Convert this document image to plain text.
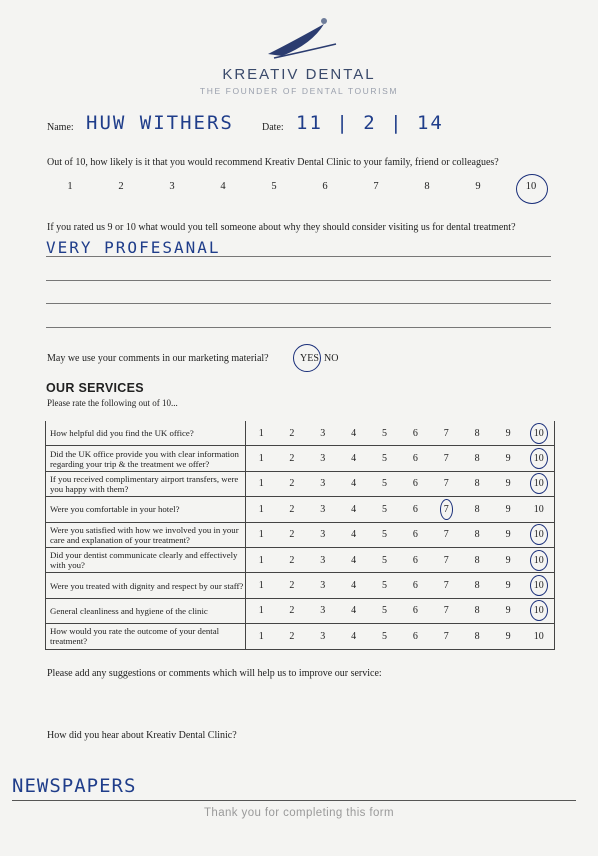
KREATIV DENTAL
THE FOUNDER OF DENTAL TOURISM
Name: HUW WITHERS	Date: 11 | 2 | 14
Out of 10, how likely is it that you would recommend Kreativ Dental Clinic to your family, friend or colleagues?
1	2	3	4	5	6	7	8	9	10
If you rated us 9 or 10 what would you tell someone about why they should consider visiting us for dental treatment?
VERY PROFESANAL
May we use your comments in our marketing material?	YES NO
OUR SERVICES
Please rate the following out of 10...
How helpful did you find the UK office?	1	2	3	4	5	6	7	8	9	10
Did the UK office provide you with clear information regarding your trip & the treatment we offer?	1	2	3	4	5	6	7	8	9	10
If you received complimentary airport transfers, were you happy with them?	1	2	3	4	5	6	7	8	9	10
Were you comfortable in your hotel?	1	2	3	4	5	6	7	8	9	10
Were you satisfied with how we involved you in your care and explanation of your treatment?	1	2	3	4	5	6	7	8	9	10
Did your dentist communicate clearly and effectively with you?	1	2	3	4	5	6	7	8	9	10
Were you treated with dignity and respect by our staff?	1	2	3	4	5	6	7	8	9	10
General cleanliness and hygiene of the clinic	1	2	3	4	5	6	7	8	9	10
How would you rate the outcome of your dental treatment?	1	2	3	4	5	6	7	8	9	10
Please add any suggestions or comments which will help us to improve our service:
How did you hear about Kreativ Dental Clinic?
NEWSPAPERS
Thank you for completing this form
